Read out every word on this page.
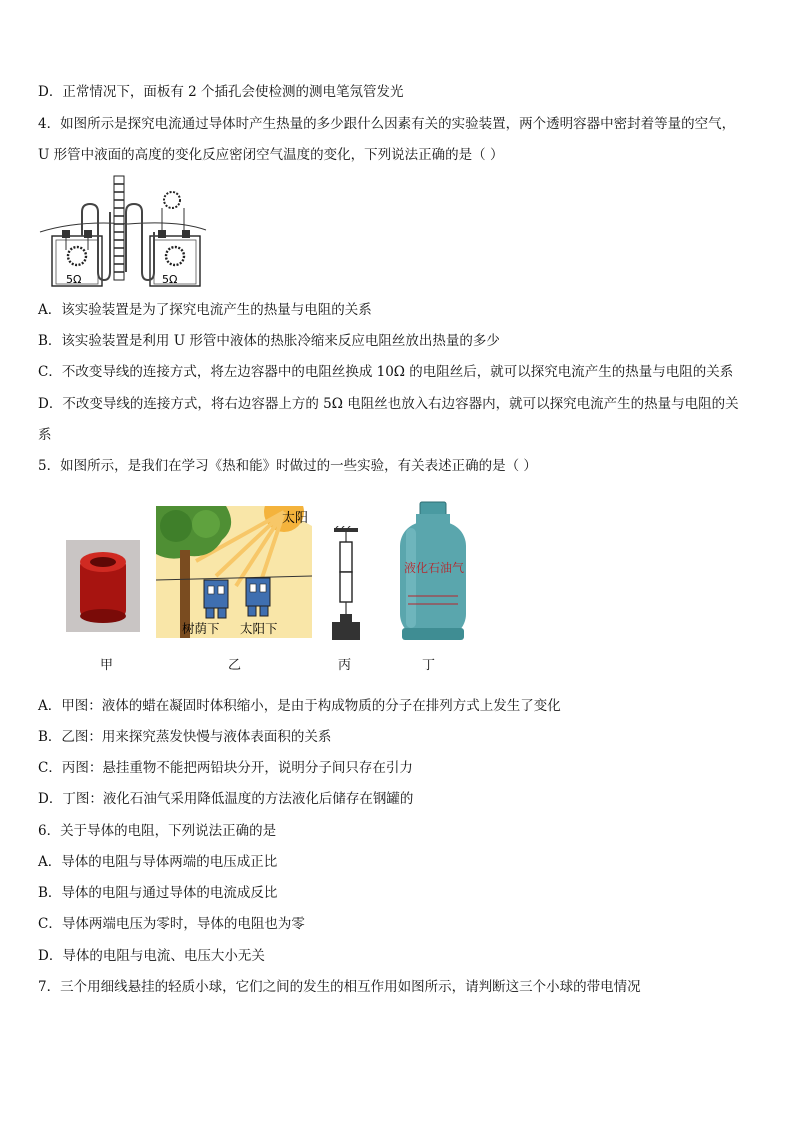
D．正常情况下，面板有 2 个插孔会使检测的测电笔氖管发光
4．如图所示是探究电流通过导体时产生热量的多少跟什么因素有关的实验装置，两个透明容器中密封着等量的空气，
U 形管中液面的高度的变化反应密闭空气温度的变化，下列说法正确的是（ ）
5Ω	5Ω
A．该实验装置是为了探究电流产生的热量与电阻的关系
B．该实验装置是利用 U 形管中液体的热胀冷缩来反应电阻丝放出热量的多少
C．不改变导线的连接方式，将左边容器中的电阻丝换成 10Ω 的电阻丝后，就可以探究电流产生的热量与电阻的关系
D．不改变导线的连接方式，将右边容器上方的 5Ω 电阻丝也放入右边容器内，就可以探究电流产生的热量与电阻的关
系
5．如图所示，是我们在学习《热和能》时做过的一些实验，有关表述正确的是（ ）
太阳
树荫下 太阳下
液化石油气
甲	乙	丙	丁
A．甲图：液体的蜡在凝固时体积缩小，是由于构成物质的分子在排列方式上发生了变化
B．乙图：用来探究蒸发快慢与液体表面积的关系
C．丙图：悬挂重物不能把两铅块分开，说明分子间只存在引力
D．丁图：液化石油气采用降低温度的方法液化后储存在钢罐的
6．关于导体的电阻，下列说法正确的是
A．导体的电阻与导体两端的电压成正比
B．导体的电阻与通过导体的电流成反比
C．导体两端电压为零时，导体的电阻也为零
D．导体的电阻与电流、电压大小无关
7．三个用细线悬挂的轻质小球，它们之间的发生的相互作用如图所示，请判断这三个小球的带电情况
